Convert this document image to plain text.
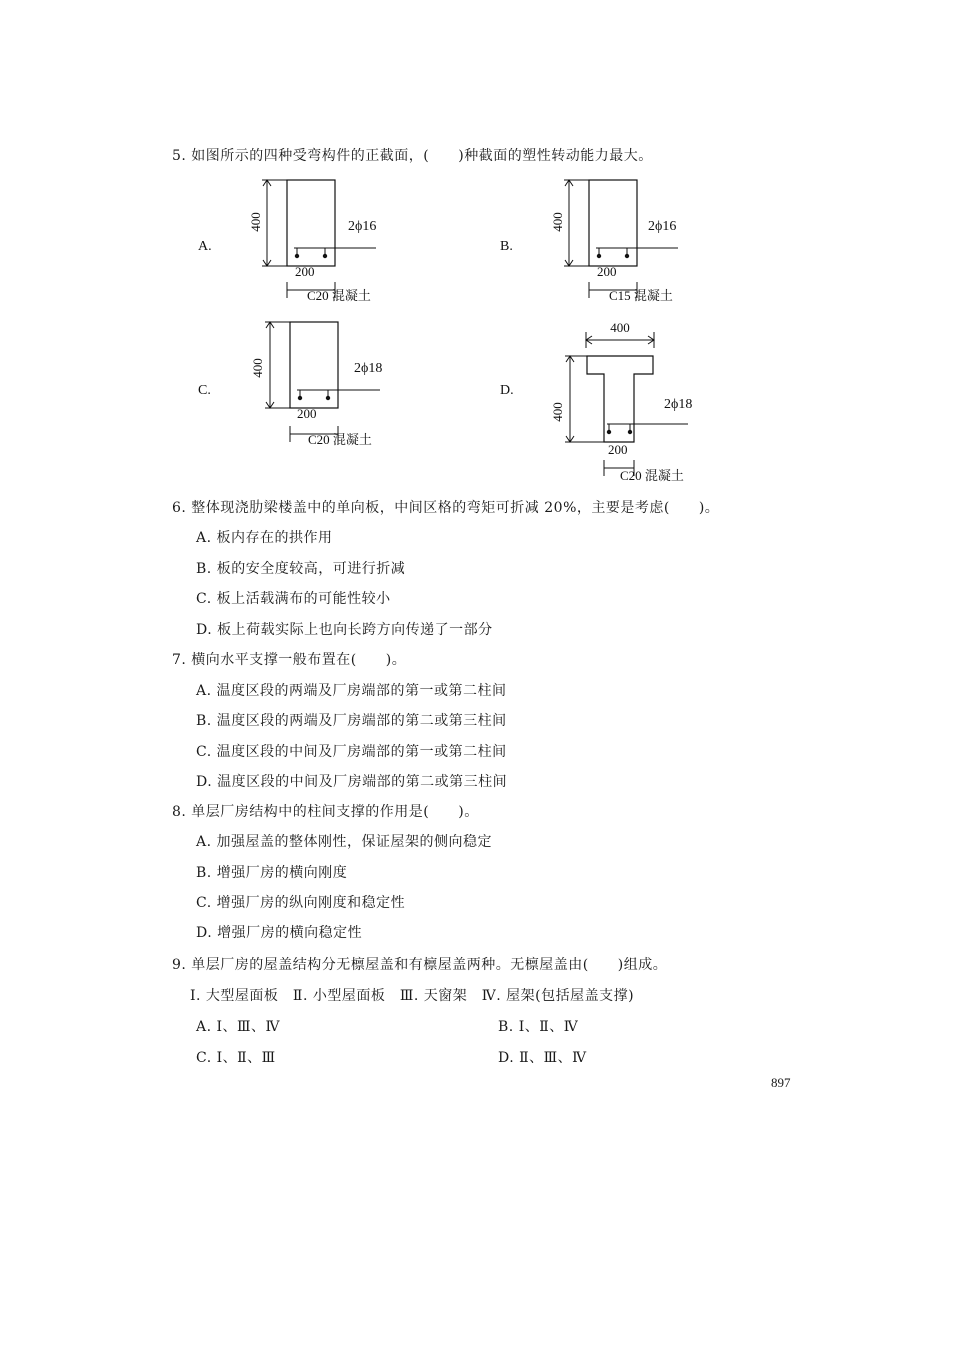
5. 如图所示的四种受弯构件的正截面，(　　)种截面的塑性转动能力最大。
A.
400	2ϕ16
200
C20 混凝土
B.
400	2ϕ16
200
C15 混凝土
C.
400	2ϕ18
200
C20 混凝土
D.
400
400	2ϕ18
200
C20 混凝土
6. 整体现浇肋梁楼盖中的单向板，中间区格的弯矩可折减 20%，主要是考虑(　　)。
A. 板内存在的拱作用
B. 板的安全度较高，可进行折减
C. 板上活载满布的可能性较小
D. 板上荷载实际上也向长跨方向传递了一部分
7. 横向水平支撑一般布置在(　　)。
A. 温度区段的两端及厂房端部的第一或第二柱间
B. 温度区段的两端及厂房端部的第二或第三柱间
C. 温度区段的中间及厂房端部的第一或第二柱间
D. 温度区段的中间及厂房端部的第二或第三柱间
8. 单层厂房结构中的柱间支撑的作用是(　　)。
A. 加强屋盖的整体刚性，保证屋架的侧向稳定
B. 增强厂房的横向刚度
C. 增强厂房的纵向刚度和稳定性
D. 增强厂房的横向稳定性
9. 单层厂房的屋盖结构分无檩屋盖和有檩屋盖两种。无檩屋盖由(　　)组成。
Ⅰ. 大型屋面板　Ⅱ. 小型屋面板　Ⅲ. 天窗架　Ⅳ. 屋架(包括屋盖支撑)
A. Ⅰ、Ⅲ、Ⅳ	B. Ⅰ、Ⅱ、Ⅳ
C. Ⅰ、Ⅱ、Ⅲ	D. Ⅱ、Ⅲ、Ⅳ
897
